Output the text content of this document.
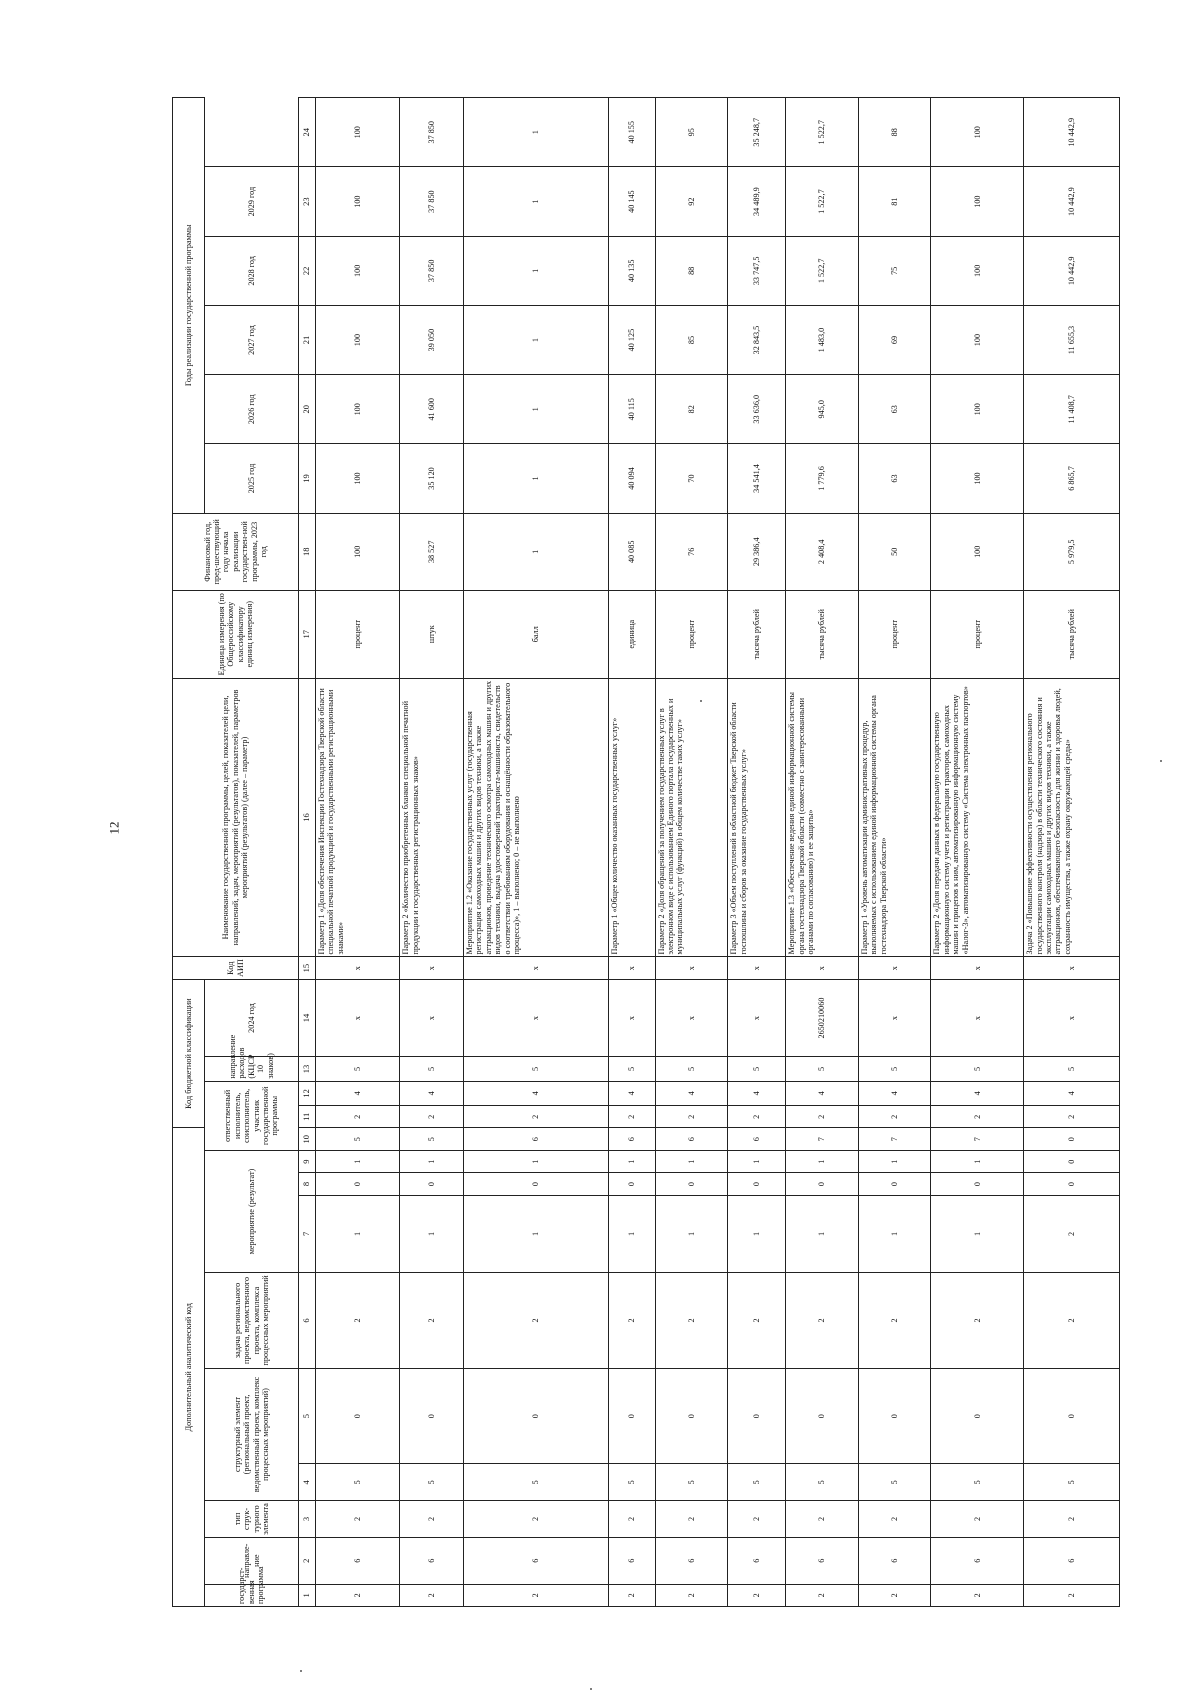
12
Дополнительный аналитический код										Код бюджетной классификации				Код АИП	Наименование государственной программы, целей, показателей цели, направлений, задач, мероприятий (результатов), показателей, параметров мероприятий (результатов) (далее – параметр)	Единица измерения (по Общероссийскому классификатору единиц измерения)	Финансовый год, пред-шествующий году начала реализации государствен-ной программы, 2023 год	Годы реализации государственной программы					
государст-венная программа	направле-ние	тип струк-турного элемента	структурный элемент (региональный проект, ведомственный проект, комплекс процессных мероприятий)		задача регионального проекта, ведомственного проекта, комплекса процессных мероприятий	мероприятие (результат)			ответственный исполнитель, соисполнитель, участник государственной программы			направление расходов (КЦСР 10 знаков)	2024 год					2025 год	2026 год	2027 год	2028 год	2029 год	

1	2	3	4	5	6	7	8	9	10	11	12	13	14	15	16	17	18	19	20	21	22	23	24
2	6	2	5	0	2	1	0	1	5	2	4	5	x	x	Параметр 1 «Доля обеспечения Инспекции Гостехнадзора Тверской области специальной печатной продукцией и государственными регистрационными знаками»	процент	100	100	100	100	100	100	100
2	6	2	5	0	2	1	0	1	5	2	4	5	x	x	Параметр 2 «Количество приобретенных бланков специальной печатной продукции и государственных регистрационных знаков»	штук	38 527	35 120	41 600	39 050	37 850	37 850	37 850
2	6	2	5	0	2	1	0	1	6	2	4	5	x	x	Мероприятие 1.2 «Оказание государственных услуг (государственная регистрация самоходных машин и других видов техники, а также аттракционов, проведение технического осмотра самоходных машин и других видов техники, выдача удостоверений тракториста-машиниста, свидетельств о соответствии требованиям оборудования и оснащённости образовательного процесса)», 1 – выполнено; 0 – не выполнено	балл	1	1	1	1	1	1	1
2	6	2	5	0	2	1	0	1	6	2	4	5	x	x	Параметр 1 «Общее количество оказанных государственных услуг»	единица	40 085	40 094	40 115	40 125	40 135	40 145	40 155
2	6	2	5	0	2	1	0	1	6	2	4	5	x	x	Параметр 2 «Доля обращений за получением государственных услуг в электронном виде с использованием Единого портала государственных и муниципальных услуг (функций) в общем количестве таких услуг»	процент	76	70	82	85	88	92	95
2	6	2	5	0	2	1	0	1	6	2	4	5	x	x	Параметр 3 «Объем поступлений в областной бюджет Тверской области госпошлины и сборов за оказание государственных услуг»	тысяча рублей	29 386,4	34 541,4	33 636,0	32 843,5	33 747,5	34 489,9	35 248,7
2	6	2	5	0	2	1	0	1	7	2	4	5	2650210060	x	Мероприятие 1.3 «Обеспечение ведения единой информационной системы органа гостехнадзора Тверской области (совместно с заинтересованными органами по согласованию) и ее защиты»	тысяча рублей	2 408,4	1 779,6	945,0	1 483,0	1 522,7	1 522,7	1 522,7
2	6	2	5	0	2	1	0	1	7	2	4	5	x	x	Параметр 1 «Уровень автоматизации административных процедур, выполняемых с использованием единой информационной системы органа гостехнадзора Тверской области»	процент	50	63	63	69	75	81	88
2	6	2	5	0	2	1	0	1	7	2	4	5	x	x	Параметр 2 «Доля передачи данных в федеральную государственную информационную систему учета и регистрации тракторов, самоходных машин и прицепов к ним, автоматизированную информационную систему «Налог-3», автоматизированную систему «Система электронных паспортов»	процент	100	100	100	100	100	100	100
2	6	2	5	0	2	2	0	0	0	2	4	5	x	x	Задача 2 «Повышение эффективности осуществления регионального государственного контроля (надзора) в области технического состояния и эксплуатации самоходных машин и других видов техники, а также аттракционов, обеспечивающего безопасность для жизни и здоровья людей, сохранность имущества, а также охрану окружающей среды»	тысяча рублей	5 979,5	6 865,7	11 408,7	11 655,3	10 442,9	10 442,9	10 442,9
